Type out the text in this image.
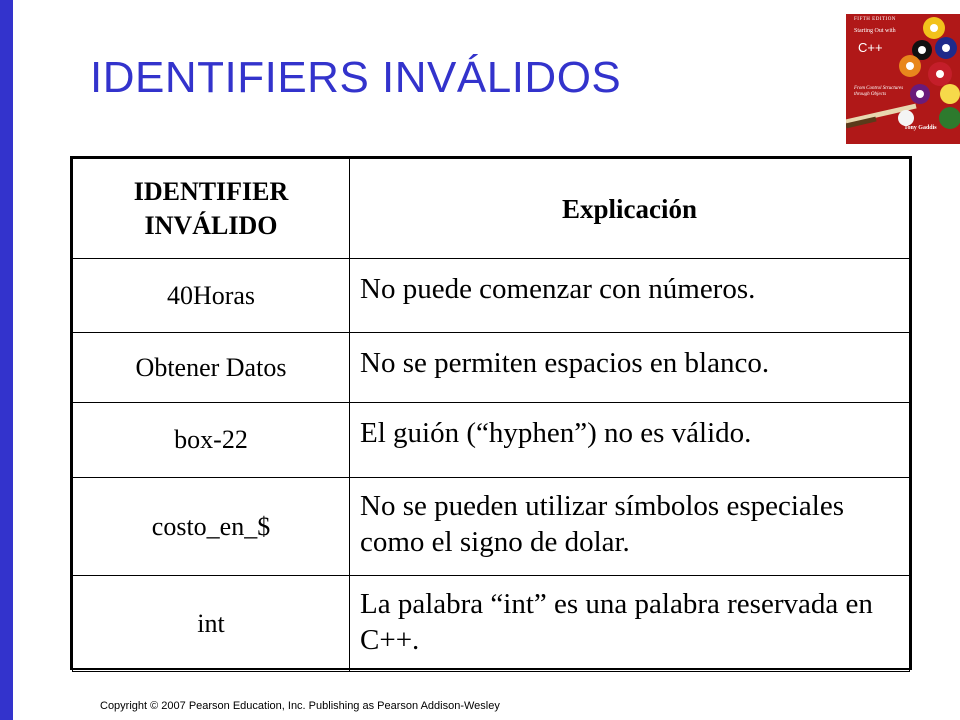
IDENTIFIERS INVÁLIDOS
FIFTH EDITION
Starting Out with
C++
From Control Structures through Objects
Tony Gaddis
IDENTIFIER INVÁLIDO	Explicación
40Horas	No puede comenzar con números.
Obtener Datos	No se permiten espacios en blanco.
box-22	El guión (“hyphen”) no es válido.
costo_en_$	No se pueden utilizar símbolos especiales como el signo de dolar.
int	La palabra “int” es una palabra reservada en C++.
Copyright © 2007 Pearson Education, Inc. Publishing as Pearson Addison-Wesley
